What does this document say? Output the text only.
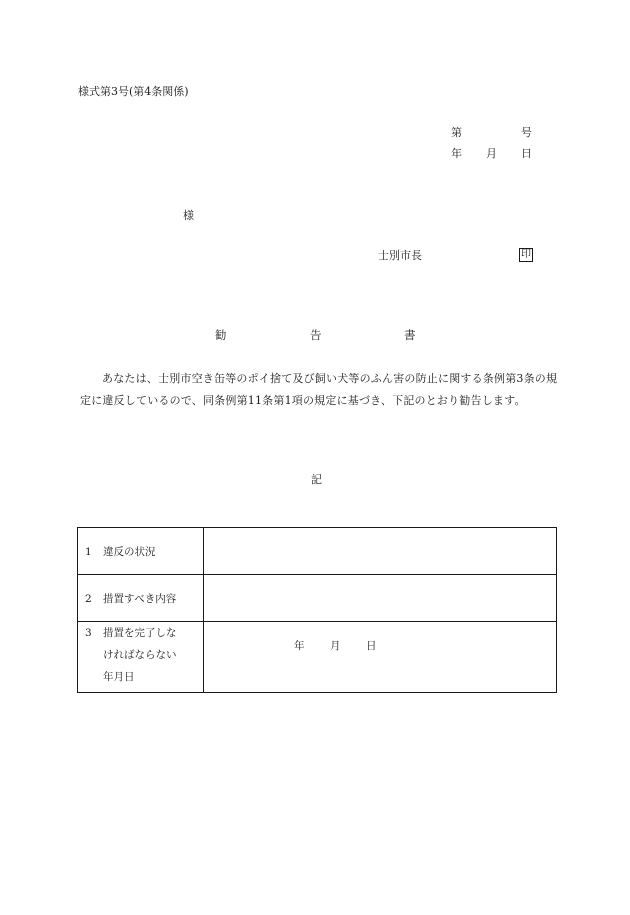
様式第3号(第4条関係)
第	号
年 月 日
様
士別市長	印
勧	告	書
あなたは、士別市空き缶等のポイ捨て及び飼い犬等のふん害の防止に関する条例第3条の規定に違反しているので、同条例第11条第1項の規定に基づき、下記のとおり勧告します。
記
1 違反の状況	
2 措置すべき内容	

3 措置を完了しな
ければならない
年月日	年 月 日
